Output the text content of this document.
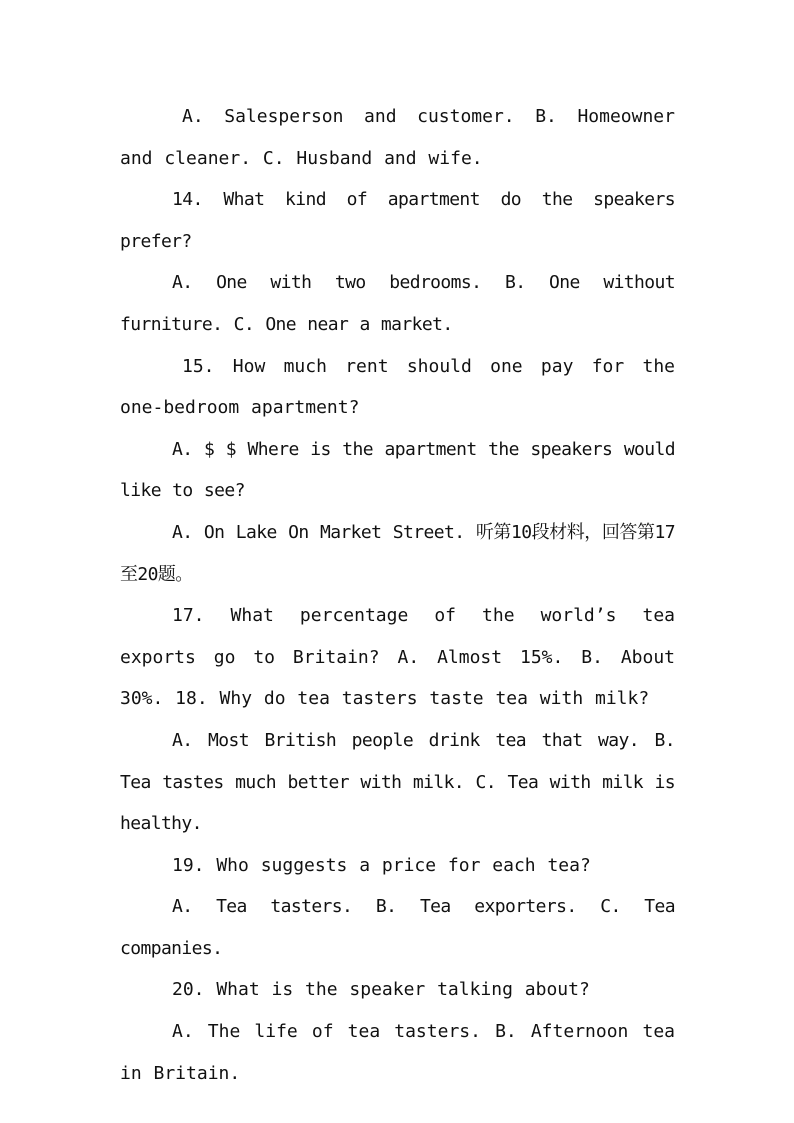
A. Salesperson and customer. B. Homeowner and cleaner. C. Husband and wife.

14. What kind of apartment do the speakers prefer?

A. One with two bedrooms. B. One without furniture. C. One near a market.

15. How much rent should one pay for the one-bedroom apartment?

A. $ $ Where is the apartment the speakers would like to see?

A. On Lake On Market Street. 听第10段材料，回答第17至20题。

17. What percentage of the world’s tea exports go to Britain? A. Almost 15%. B. About 30%. 18. Why do tea tasters taste tea with milk?

A. Most British people drink tea that way. B. Tea tastes much better with milk. C. Tea with milk is healthy.

19. Who suggests a price for each tea?

A. Tea tasters. B. Tea exporters. C. Tea companies.

20. What is the speaker talking about?

A. The life of tea tasters. B. Afternoon tea in Britain.
